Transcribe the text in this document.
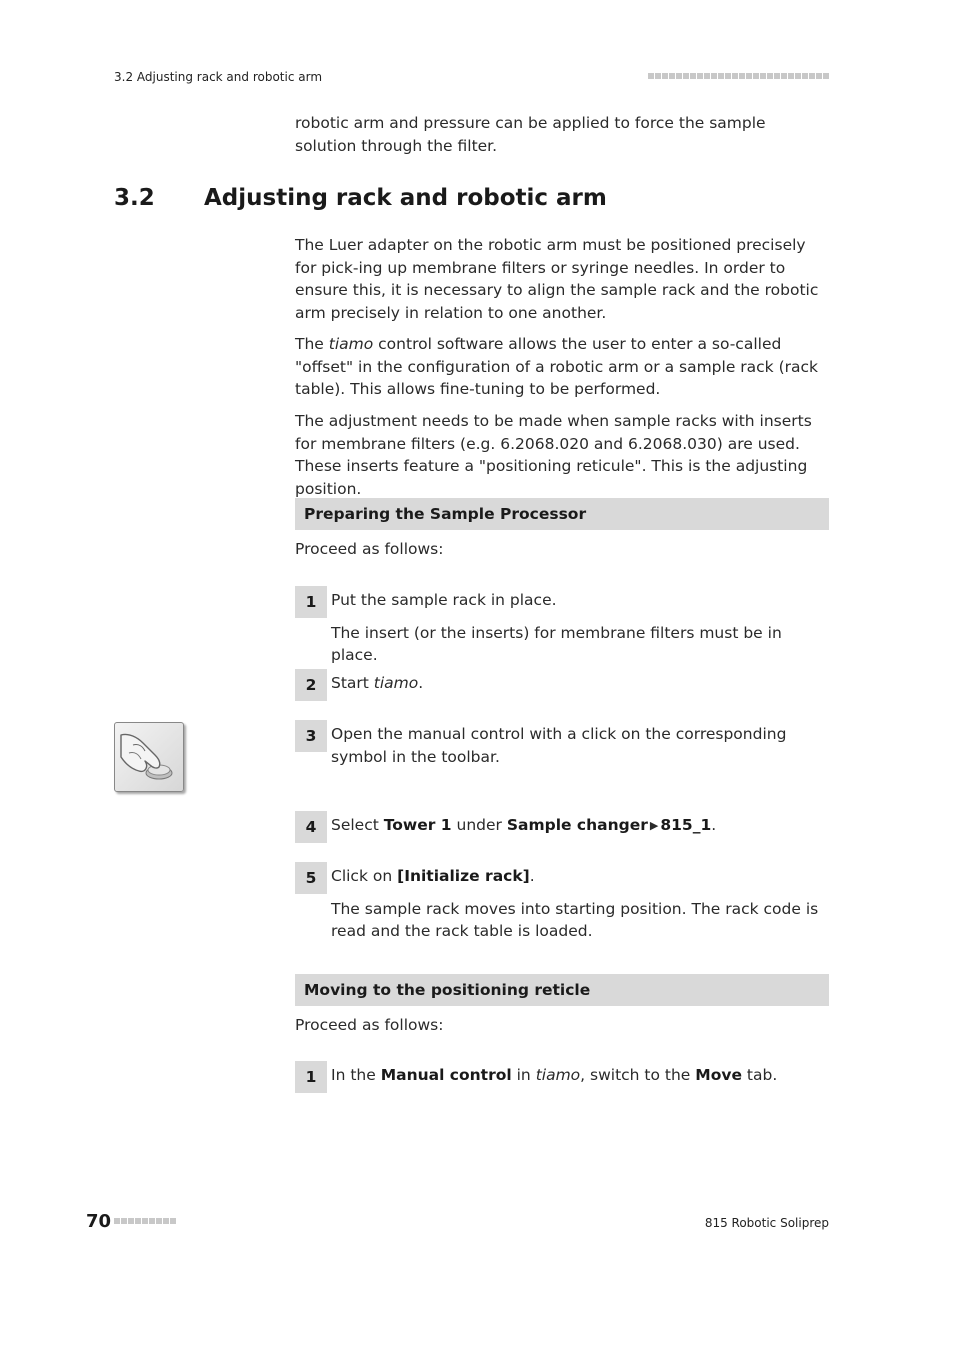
3.2 Adjusting rack and robotic arm

robotic arm and pressure can be applied to force the sample solution through the filter.

3.2 Adjusting rack and robotic arm

The Luer adapter on the robotic arm must be positioned precisely for pick-ing up membrane filters or syringe needles. In order to ensure this, it is necessary to align the sample rack and the robotic arm precisely in relation to one another.

The tiamo control software allows the user to enter a so-called "offset" in the configuration of a robotic arm or a sample rack (rack table). This allows fine-tuning to be performed.

The adjustment needs to be made when sample racks with inserts for membrane filters (e.g. 6.2068.020 and 6.2068.030) are used. These inserts feature a "positioning reticule". This is the adjusting position.

Preparing the Sample Processor
Proceed as follows:
1 Put the sample rack in place.

The insert (or the inserts) for membrane filters must be in place.

2 Start tiamo.

3 Open the manual control with a click on the corresponding symbol in the toolbar.

4 Select Tower 1 under Sample changer ▶ 815_1.

5 Click on [Initialize rack].

The sample rack moves into starting position. The rack code is read and the rack table is loaded.

Moving to the positioning reticle
Proceed as follows:
1 In the Manual control in tiamo, switch to the Move tab.

70	815 Robotic Soliprep
